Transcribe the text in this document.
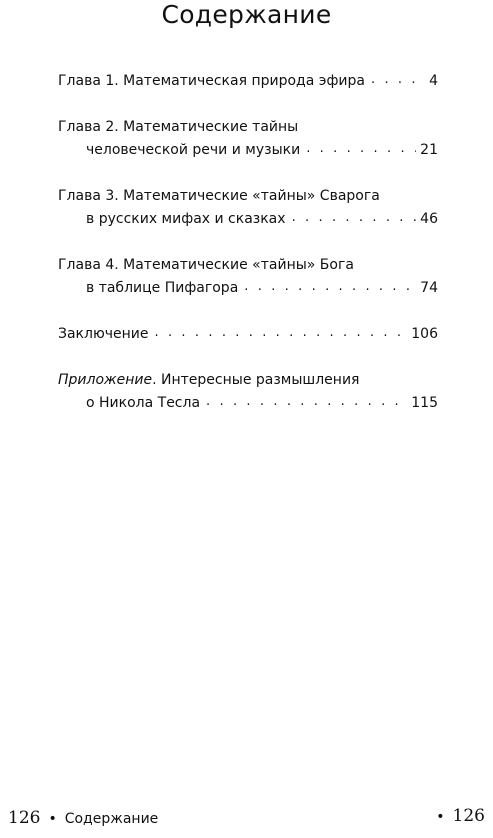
Содержание
Глава 1. Математическая природа эфира . . .	4
Глава 2. Математические тайны
человеческой речи и музыки . . .	21
Глава 3. Математические «тайны» Сварога
в русских мифах и сказках . . .	46
Глава 4. Математические «тайны» Бога
в таблице Пифагора . . .	74
Заключение . . .	106
Приложение . Интересные размышления
о Никола Тесла . . .	115
126 • Содержание	• 126
